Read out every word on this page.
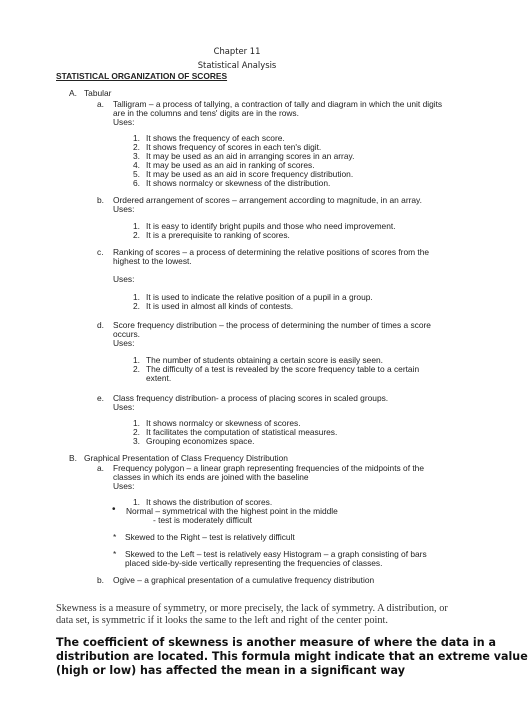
Chapter 11
Statistical Analysis
STATISTICAL ORGANIZATION OF SCORES
A. Tabular
a. Talligram – a process of tallying, a contraction of tally and diagram in which the unit digits
are in the columns and tens' digits are in the rows.
Uses:
1. It shows the frequency of each score.
2. It shows frequency of scores in each ten's digit.
3. It may be used as an aid in arranging scores in an array.
4. It may be used as an aid in ranking of scores.
5. It may be used as an aid in score frequency distribution.
6. It shows normalcy or skewness of the distribution.
b. Ordered arrangement of scores – arrangement according to magnitude, in an array.
Uses:
1. It is easy to identify bright pupils and those who need improvement.
2. It is a prerequisite to ranking of scores.
c. Ranking of scores – a process of determining the relative positions of scores from the
highest to the lowest.
Uses:
1. It is used to indicate the relative position of a pupil in a group.
2. It is used in almost all kinds of contests.
d. Score frequency distribution – the process of determining the number of times a score
occurs.
Uses:
1. The number of students obtaining a certain score is easily seen.
2. The difficulty of a test is revealed by the score frequency table to a certain
extent.
e. Class frequency distribution- a process of placing scores in scaled groups.
Uses:
1. It shows normalcy or skewness of scores.
2. It facilitates the computation of statistical measures.
3. Grouping economizes space.
B. Graphical Presentation of Class Frequency Distribution
a. Frequency polygon – a linear graph representing frequencies of the midpoints of the
classes in which its ends are joined with the baseline
Uses:
1. It shows the distribution of scores.
• Normal – symmetrical with the highest point in the middle
- test is moderately difficult
* Skewed to the Right – test is relatively difficult
* Skewed to the Left – test is relatively easy Histogram – a graph consisting of bars
placed side-by-side vertically representing the frequencies of classes.
b. Ogive – a graphical presentation of a cumulative frequency distribution
Skewness is a measure of symmetry, or more precisely, the lack of symmetry. A distribution, or
data set, is symmetric if it looks the same to the left and right of the center point.
The coefficient of skewness is another measure of where the data in a
distribution are located. This formula might indicate that an extreme value
(high or low) has affected the mean in a significant way
